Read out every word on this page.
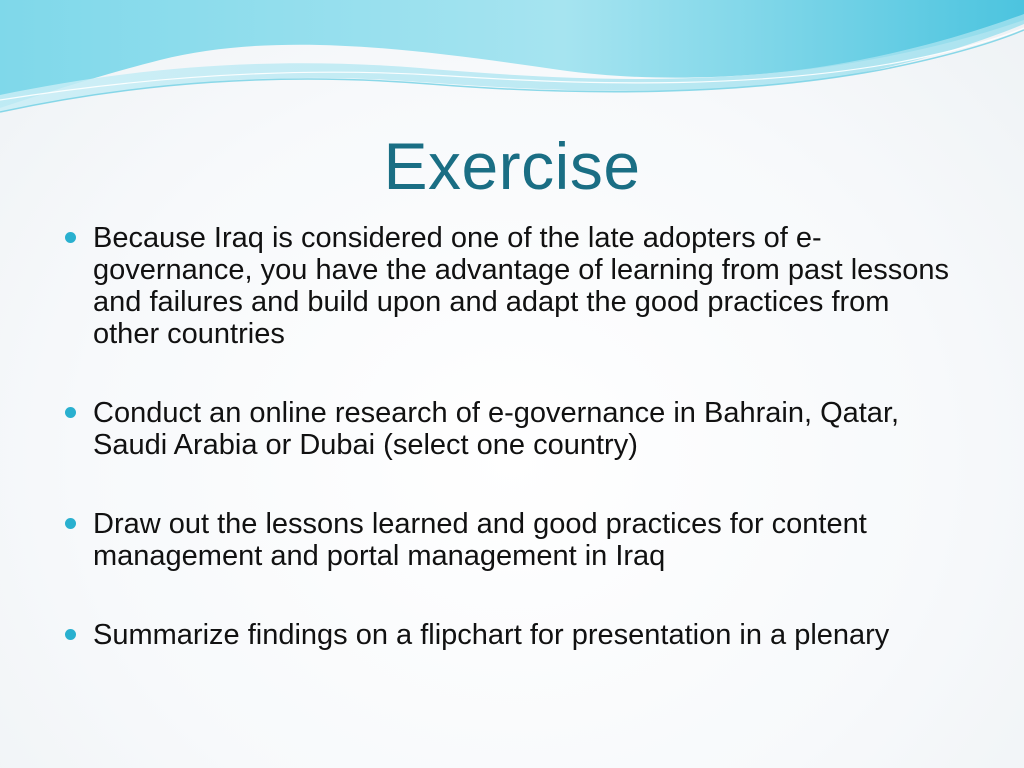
Exercise
Because Iraq is considered one of the late adopters of e-governance, you have the advantage of learning from past lessons and failures and build upon and adapt the good practices from other countries
Conduct an online research of e-governance in Bahrain, Qatar, Saudi Arabia or Dubai (select one country)
Draw out the lessons learned and good practices for content management and portal management in Iraq
Summarize findings on a flipchart for presentation in a plenary
